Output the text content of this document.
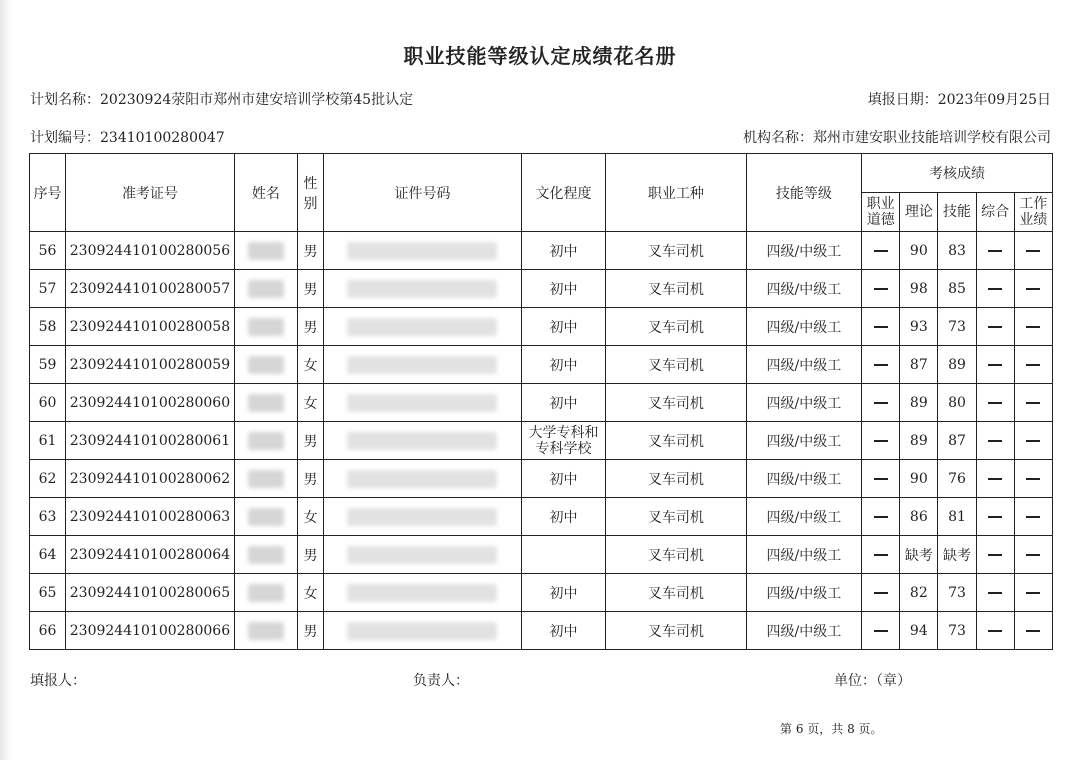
职业技能等级认定成绩花名册
计划名称：20230924荥阳市郑州市建安培训学校第45批认定	填报日期：2023年09月25日
计划编号：23410100280047	机构名称：郑州市建安职业技能培训学校有限公司
序号	准考证号	姓名	性别	证件号码	文化程度	职业工种	技能等级	考核成绩				
								职业道德	理论	技能	综合	工作业绩
56	230924410100280056		男		初中	叉车司机	四级/中级工		90	83		
57	230924410100280057		男		初中	叉车司机	四级/中级工		98	85		
58	230924410100280058		男		初中	叉车司机	四级/中级工		93	73		
59	230924410100280059		女		初中	叉车司机	四级/中级工		87	89		
60	230924410100280060		女		初中	叉车司机	四级/中级工		89	80		
61	230924410100280061		男		大学专科和专科学校	叉车司机	四级/中级工		89	87		
62	230924410100280062		男		初中	叉车司机	四级/中级工		90	76		
63	230924410100280063		女		初中	叉车司机	四级/中级工		86	81		
64	230924410100280064		男			叉车司机	四级/中级工		缺考	缺考		
65	230924410100280065		女		初中	叉车司机	四级/中级工		82	73		
66	230924410100280066		男		初中	叉车司机	四级/中级工		94	73		
填报人：	负责人：	单位：（章）
第 6 页，共 8 页。
